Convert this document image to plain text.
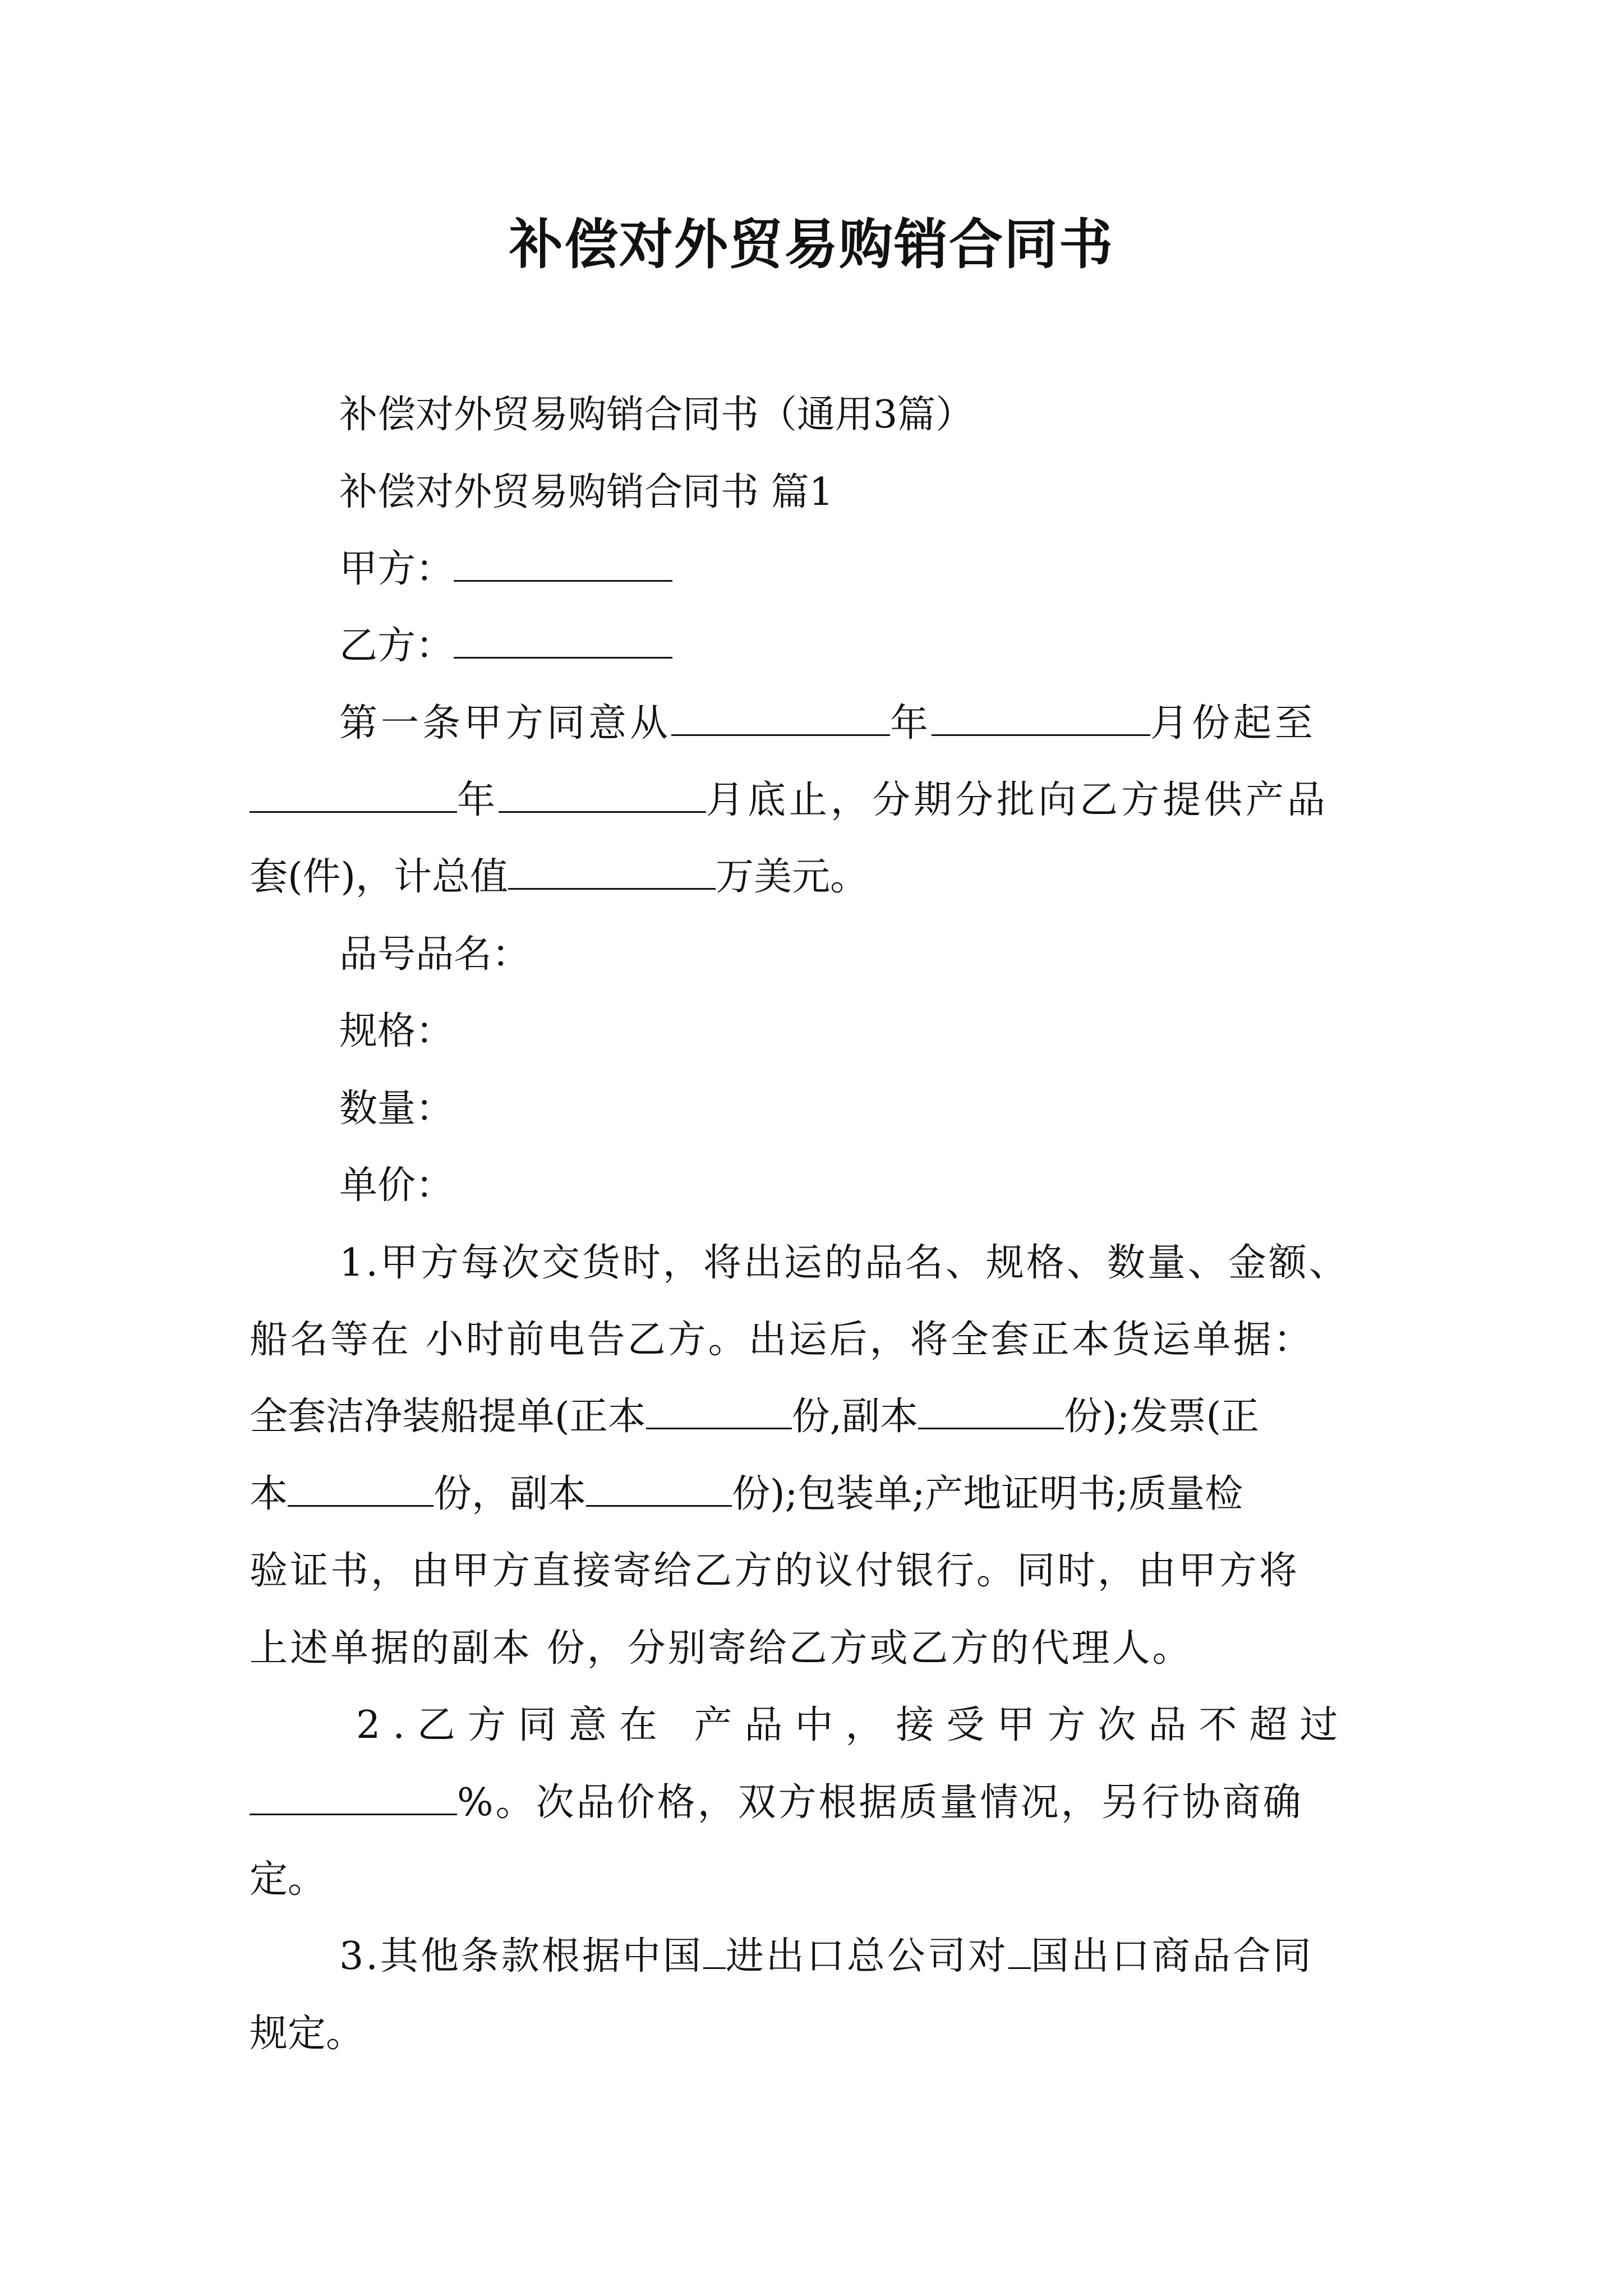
补偿对外贸易购销合同书
补偿对外贸易购销合同书（通用3篇）
补偿对外贸易购销合同书 篇1
甲方：
乙方：
第一条甲方同意从	年	月份起至
年	月底止，分期分批向乙方提供产品
套(件)，计总值	万美元。
品号品名：
规格：
数量：
单价：
1.甲方每次交货时，将出运的品名、规格、数量、金额、
船名等在 小时前电告乙方。出运后，将全套正本货运单据：
全套洁净装船提单(正本	份,副本	份);发票(正
本	份，副本	份);包装单;产地证明书;质量检
验证书，由甲方直接寄给乙方的议付银行。同时，由甲方将
上述单据的副本 份，分别寄给乙方或乙方的代理人。
2.乙方同意在 产品中，接受甲方次品不超过
%。次品价格，双方根据质量情况，另行协商确
定。
3.其他条款根据中国 进出口总公司对 国出口商品合同
规定。
